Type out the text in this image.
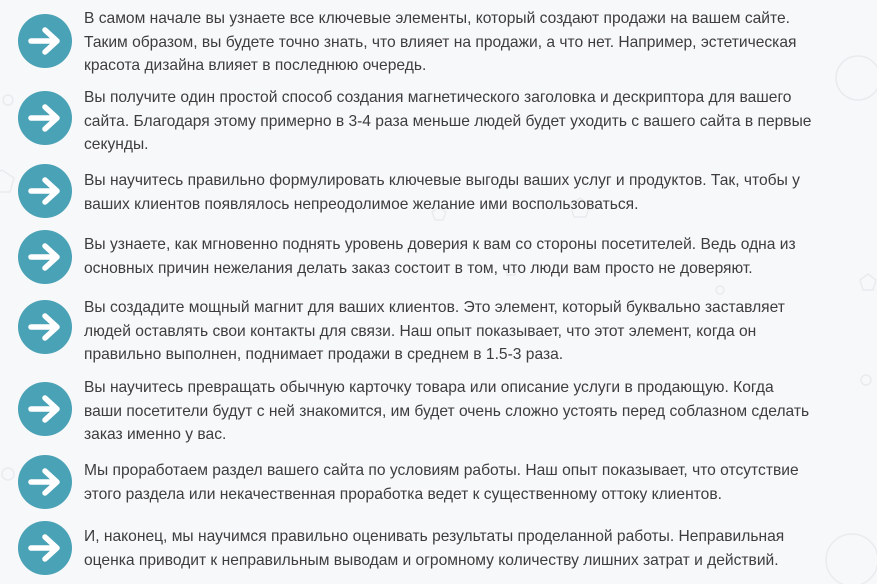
В самом начале вы узнаете все ключевые элементы, который создают продажи на вашем сайте.
Таким образом, вы будете точно знать, что влияет на продажи, а что нет. Например, эстетическая
красота дизайна влияет в последнюю очередь.

Вы получите один простой способ создания магнетического заголовка и дескриптора для вашего
сайта. Благодаря этому примерно в 3-4 раза меньше людей будет уходить с вашего сайта в первые
секунды.

Вы научитесь правильно формулировать ключевые выгоды ваших услуг и продуктов. Так, чтобы у
ваших клиентов появлялось непреодолимое желание ими воспользоваться.

Вы узнаете, как мгновенно поднять уровень доверия к вам со стороны посетителей. Ведь одна из
основных причин нежелания делать заказ состоит в том, что люди вам просто не доверяют.

Вы создадите мощный магнит для ваших клиентов. Это элемент, который буквально заставляет
людей оставлять свои контакты для связи. Наш опыт показывает, что этот элемент, когда он
правильно выполнен, поднимает продажи в среднем в 1.5-3 раза.

Вы научитесь превращать обычную карточку товара или описание услуги в продающую. Когда
ваши посетители будут с ней знакомится, им будет очень сложно устоять перед соблазном сделать
заказ именно у вас.

Мы проработаем раздел вашего сайта по условиям работы. Наш опыт показывает, что отсутствие
этого раздела или некачественная проработка ведет к существенному оттоку клиентов.

И, наконец, мы научимся правильно оценивать результаты проделанной работы. Неправильная
оценка приводит к неправильным выводам и огромному количеству лишних затрат и действий.
